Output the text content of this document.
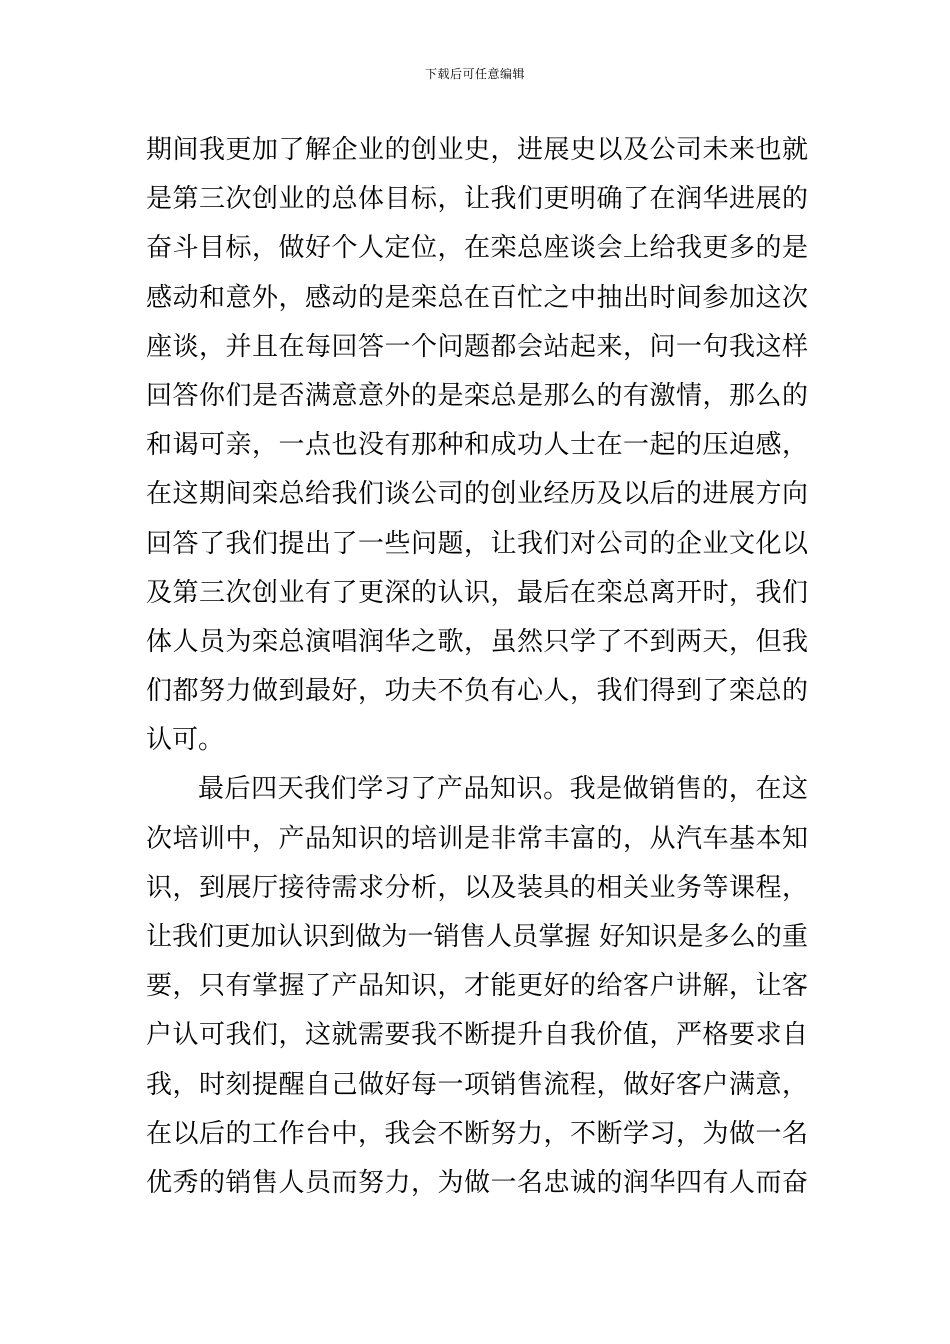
下载后可任意编辑
期间我更加了解企业的创业史，进展史以及公司未来也就
是第三次创业的总体目标，让我们更明确了在润华进展的
奋斗目标，做好个人定位，在栾总座谈会上给我更多的是
感动和意外，感动的是栾总在百忙之中抽出时间参加这次
座谈，并且在每回答一个问题都会站起来，问一句我这样
回答你们是否满意意外的是栾总是那么的有激情，那么的
和谒可亲，一点也没有那种和成功人士在一起的压迫感，
在这期间栾总给我们谈公司的创业经历及以后的进展方向
回答了我们提出了一些问题，让我们对公司的企业文化以
及第三次创业有了更深的认识，最后在栾总离开时，我们
体人员为栾总演唱润华之歌，虽然只学了不到两天，但我
们都努力做到最好，功夫不负有心人，我们得到了栾总的
认可。
最后四天我们学习了产品知识。我是做销售的，在这
次培训中，产品知识的培训是非常丰富的，从汽车基本知
识，到展厅接待需求分析，以及装具的相关业务等课程，
让我们更加认识到做为一销售人员掌握 好知识是多么的重
要，只有掌握了产品知识，才能更好的给客户讲解，让客
户认可我们，这就需要我不断提升自我价值，严格要求自
我，时刻提醒自己做好每一项销售流程，做好客户满意，
在以后的工作台中，我会不断努力，不断学习，为做一名
优秀的销售人员而努力，为做一名忠诚的润华四有人而奋
